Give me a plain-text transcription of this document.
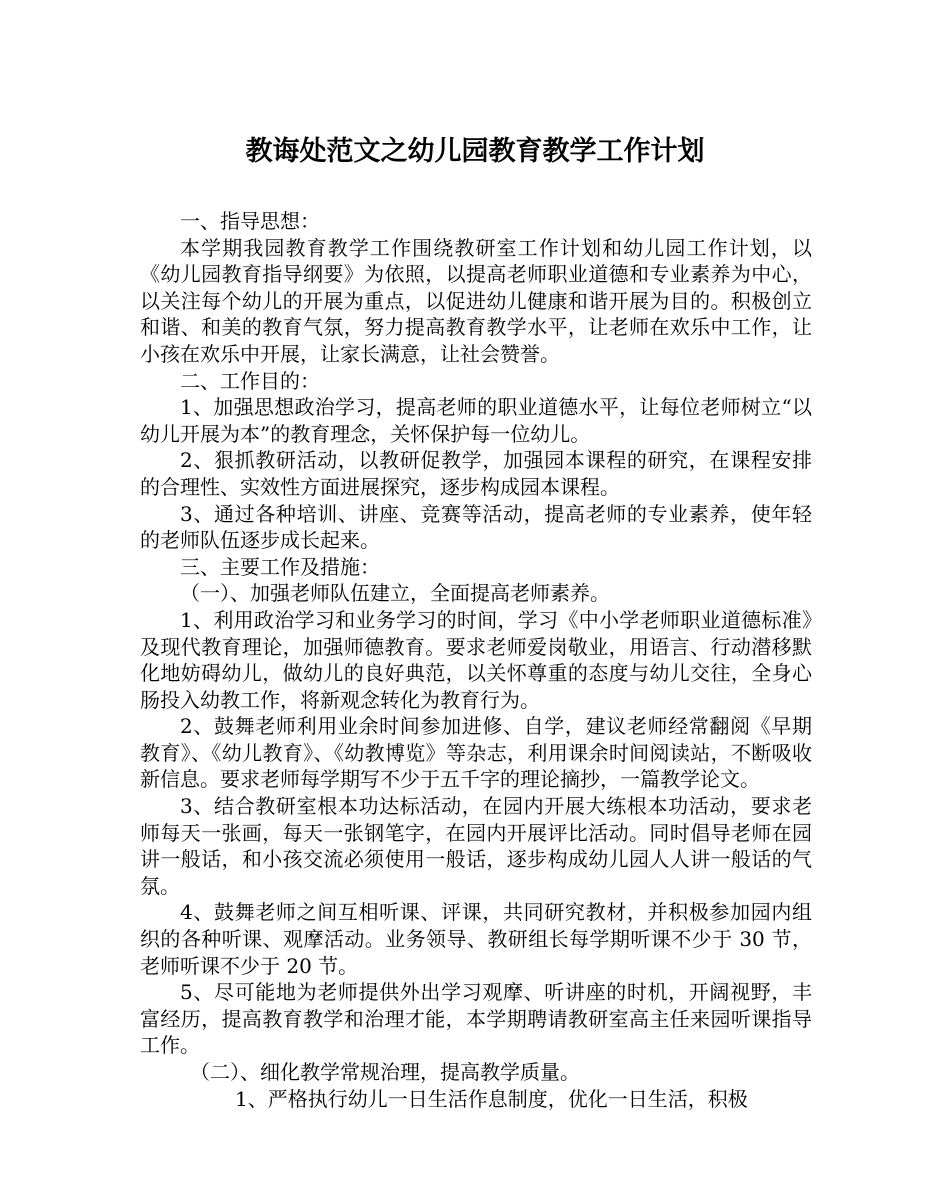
教诲处范文之幼儿园教育教学工作计划

一、指导思想：

本学期我园教育教学工作围绕教研室工作计划和幼儿园工作计划，以《幼儿园教育指导纲要》为依照，以提高老师职业道德和专业素养为中心，以关注每个幼儿的开展为重点，以促进幼儿健康和谐开展为目的。积极创立和谐、和美的教育气氛，努力提高教育教学水平，让老师在欢乐中工作，让小孩在欢乐中开展，让家长满意，让社会赞誉。

二、工作目的：

1、加强思想政治学习，提高老师的职业道德水平，让每位老师树立“以幼儿开展为本”的教育理念，关怀保护每一位幼儿。

2、狠抓教研活动，以教研促教学，加强园本课程的研究，在课程安排的合理性、实效性方面进展探究，逐步构成园本课程。

3、通过各种培训、讲座、竞赛等活动，提高老师的专业素养，使年轻的老师队伍逐步成长起来。

三、主要工作及措施：

（一）、加强老师队伍建立，全面提高老师素养。

1、利用政治学习和业务学习的时间，学习《中小学老师职业道德标准》及现代教育理论，加强师德教育。要求老师爱岗敬业，用语言、行动潜移默化地妨碍幼儿，做幼儿的良好典范，以关怀尊重的态度与幼儿交往，全身心肠投入幼教工作，将新观念转化为教育行为。

2、鼓舞老师利用业余时间参加进修、自学，建议老师经常翻阅《早期教育》、《幼儿教育》、《幼教博览》等杂志，利用课余时间阅读站，不断吸收新信息。要求老师每学期写不少于五千字的理论摘抄，一篇教学论文。

3、结合教研室根本功达标活动，在园内开展大练根本功活动，要求老师每天一张画，每天一张钢笔字，在园内开展评比活动。同时倡导老师在园讲一般话，和小孩交流必须使用一般话，逐步构成幼儿园人人讲一般话的气氛。

4、鼓舞老师之间互相听课、评课，共同研究教材，并积极参加园内组织的各种听课、观摩活动。业务领导、教研组长每学期听课不少于 30 节，老师听课不少于 20 节。

5、尽可能地为老师提供外出学习观摩、听讲座的时机，开阔视野，丰富经历，提高教育教学和治理才能，本学期聘请教研室高主任来园听课指导工作。

（二）、细化教学常规治理，提高教学质量。

1、严格执行幼儿一日生活作息制度，优化一日生活，积极
